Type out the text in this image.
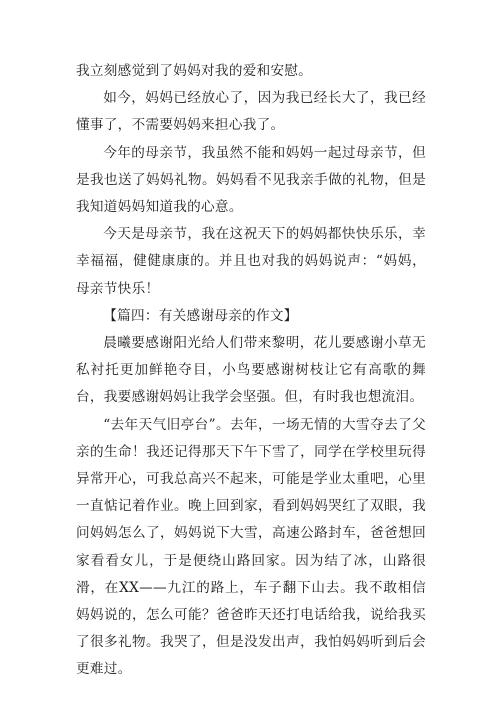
我立刻感觉到了妈妈对我的爱和安慰。

如今，妈妈已经放心了，因为我已经长大了，我已经懂事了，不需要妈妈来担心我了。

今年的母亲节，我虽然不能和妈妈一起过母亲节，但是我也送了妈妈礼物。妈妈看不见我亲手做的礼物，但是我知道妈妈知道我的心意。

今天是母亲节，我在这祝天下的妈妈都快快乐乐，幸幸福福，健健康康的。并且也对我的妈妈说声：“妈妈，母亲节快乐！

【篇四：有关感谢母亲的作文】

晨曦要感谢阳光给人们带来黎明，花儿要感谢小草无私衬托更加鲜艳夺目，小鸟要感谢树枝让它有高歌的舞台，我要感谢妈妈让我学会坚强。但，有时我也想流泪。

“去年天气旧亭台”。去年，一场无情的大雪夺去了父亲的生命！我还记得那天下午下雪了，同学在学校里玩得异常开心，可我总高兴不起来，可能是学业太重吧，心里一直惦记着作业。晚上回到家，看到妈妈哭红了双眼，我问妈妈怎么了，妈妈说下大雪，高速公路封车，爸爸想回家看看女儿，于是便绕山路回家。因为结了冰，山路很滑，在XX——九江的路上，车子翻下山去。我不敢相信妈妈说的，怎么可能？爸爸昨天还打电话给我，说给我买了很多礼物。我哭了，但是没发出声，我怕妈妈听到后会更难过。
